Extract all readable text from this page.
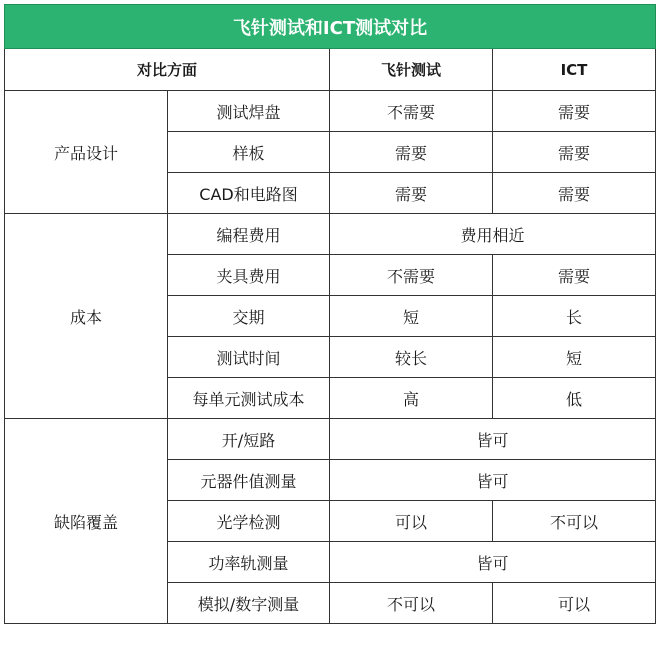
飞针测试和ICT测试对比			
对比方面		飞针测试	ICT
产品设计	测试焊盘	不需要	需要
	样板	需要	需要
	CAD和电路图	需要	需要
成本	编程费用	费用相近	
	夹具费用	不需要	需要
	交期	短	长
	测试时间	较长	短
	每单元测试成本	高	低
缺陷覆盖	开/短路	皆可	
	元器件值测量	皆可	
	光学检测	可以	不可以
	功率轨测量	皆可	
	模拟/数字测量	不可以	可以
